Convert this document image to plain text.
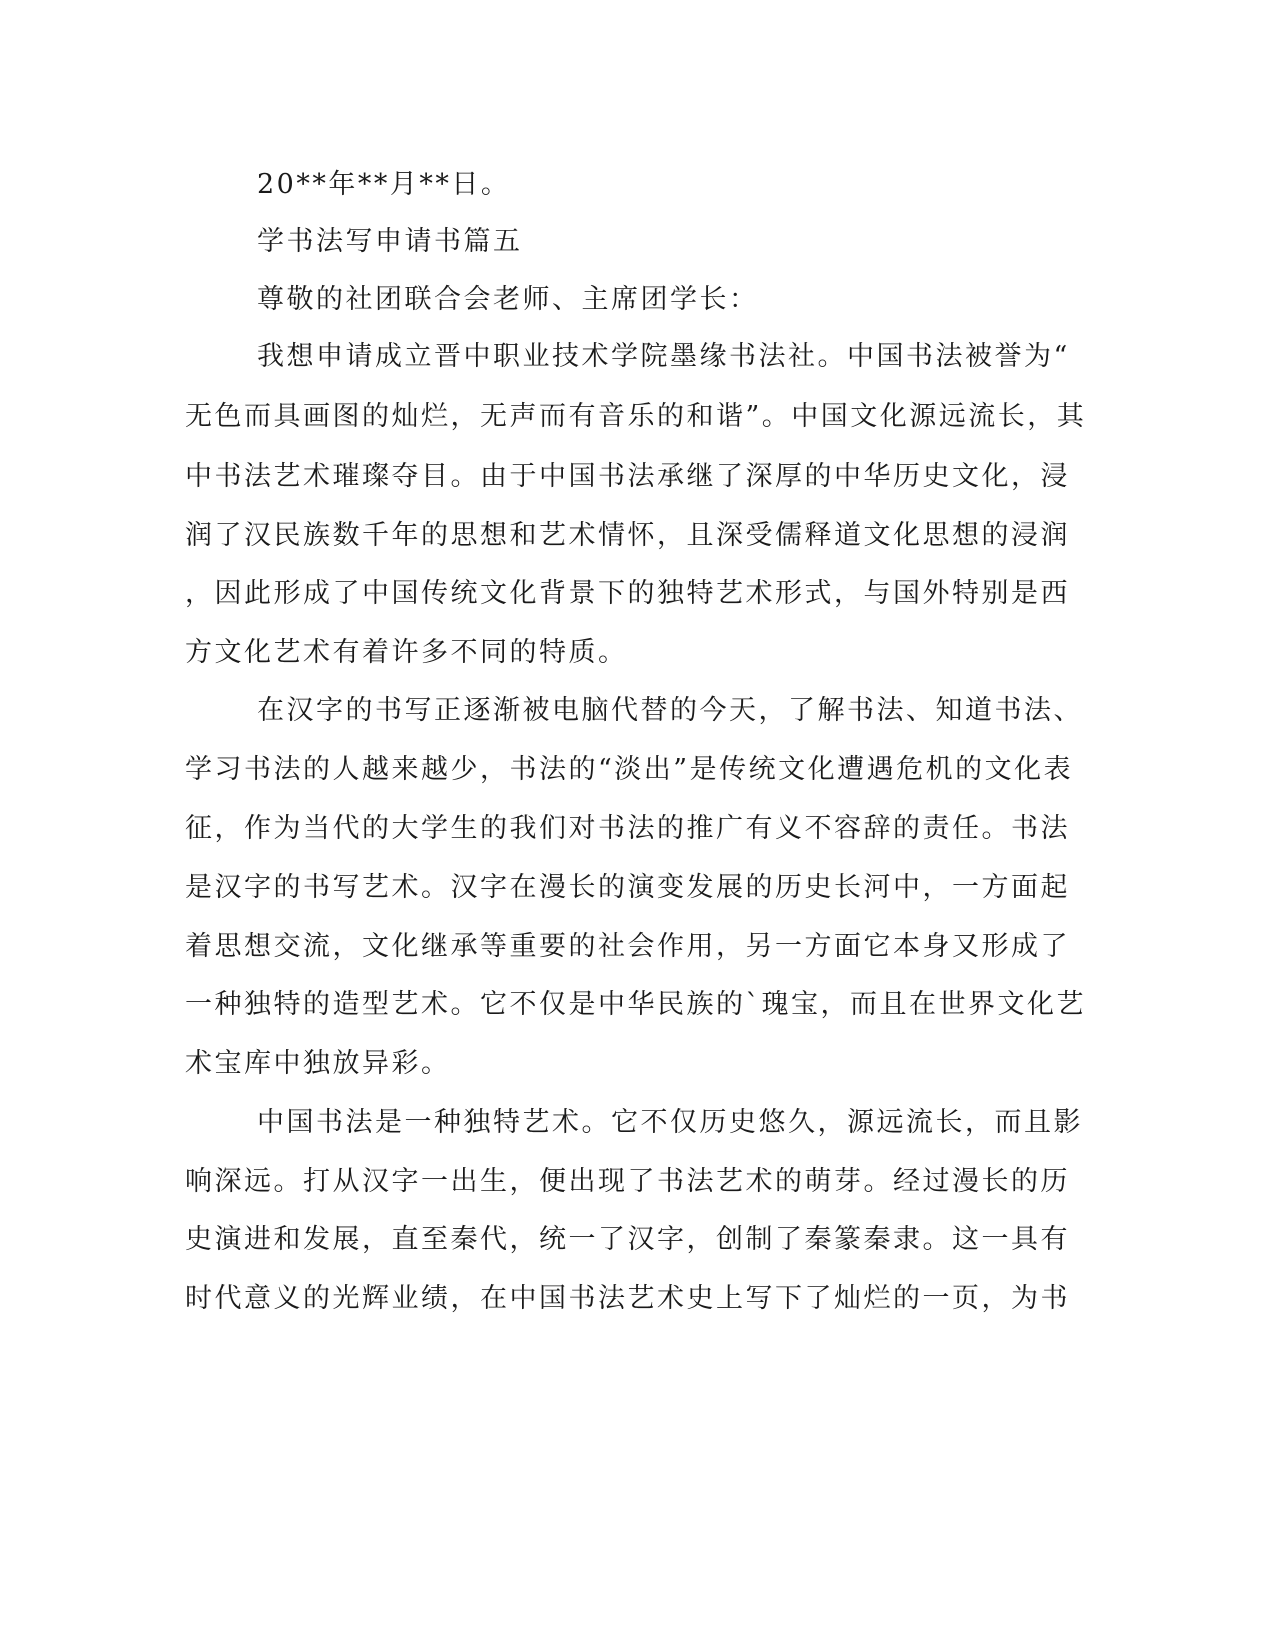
20**年**月**日。
学书法写申请书篇五
尊敬的社团联合会老师、主席团学长：
我想申请成立晋中职业技术学院墨缘书法社。中国书法被誉为“
无色而具画图的灿烂，无声而有音乐的和谐”。中国文化源远流长，其
中书法艺术璀璨夺目。由于中国书法承继了深厚的中华历史文化，浸
润了汉民族数千年的思想和艺术情怀，且深受儒释道文化思想的浸润
，因此形成了中国传统文化背景下的独特艺术形式，与国外特别是西
方文化艺术有着许多不同的特质。
在汉字的书写正逐渐被电脑代替的今天，了解书法、知道书法、
学习书法的人越来越少，书法的“淡出”是传统文化遭遇危机的文化表
征，作为当代的大学生的我们对书法的推广有义不容辞的责任。书法
是汉字的书写艺术。汉字在漫长的演变发展的历史长河中，一方面起
着思想交流，文化继承等重要的社会作用，另一方面它本身又形成了
一种独特的造型艺术。它不仅是中华民族的`瑰宝，而且在世界文化艺
术宝库中独放异彩。
中国书法是一种独特艺术。它不仅历史悠久，源远流长，而且影
响深远。打从汉字一出生，便出现了书法艺术的萌芽。经过漫长的历
史演进和发展，直至秦代，统一了汉字，创制了秦篆秦隶。这一具有
时代意义的光辉业绩，在中国书法艺术史上写下了灿烂的一页，为书
